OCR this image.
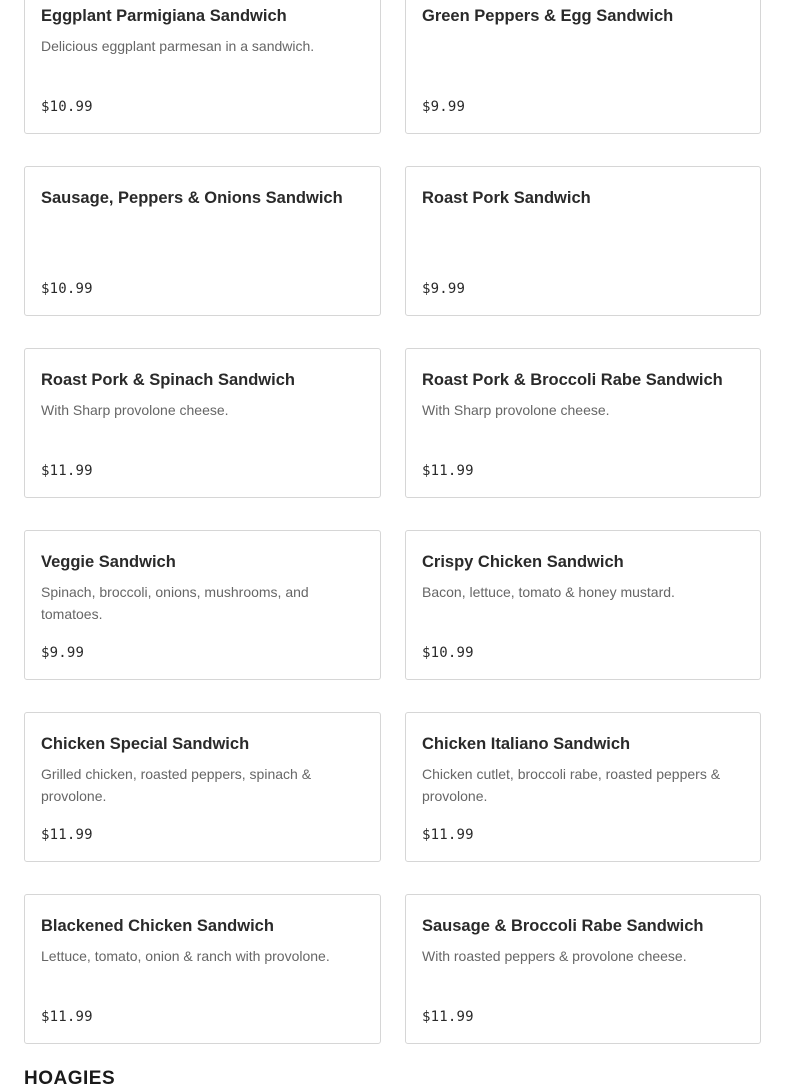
Eggplant Parmigiana Sandwich
Delicious eggplant parmesan in a sandwich.
$10.99
Green Peppers & Egg Sandwich
$9.99
Sausage, Peppers & Onions Sandwich
$10.99
Roast Pork Sandwich
$9.99
Roast Pork & Spinach Sandwich
With Sharp provolone cheese.
$11.99
Roast Pork & Broccoli Rabe Sandwich
With Sharp provolone cheese.
$11.99
Veggie Sandwich
Spinach, broccoli, onions, mushrooms, and tomatoes.
$9.99
Crispy Chicken Sandwich
Bacon, lettuce, tomato & honey mustard.
$10.99
Chicken Special Sandwich
Grilled chicken, roasted peppers, spinach & provolone.
$11.99
Chicken Italiano Sandwich
Chicken cutlet, broccoli rabe, roasted peppers & provolone.
$11.99
Blackened Chicken Sandwich
Lettuce, tomato, onion & ranch with provolone.
$11.99
Sausage & Broccoli Rabe Sandwich
With roasted peppers & provolone cheese.
$11.99
HOAGIES
